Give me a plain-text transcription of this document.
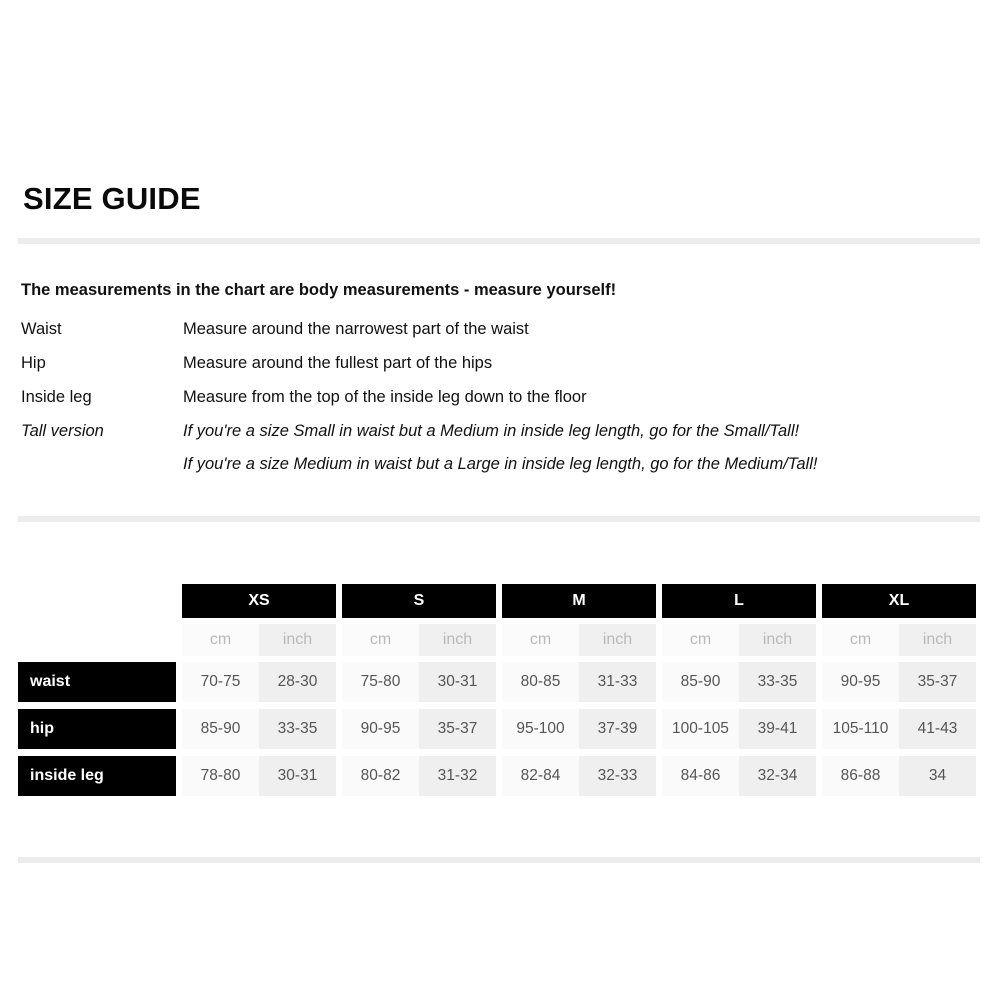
SIZE GUIDE
The measurements in the chart are body measurements - measure yourself!
Waist	Measure around the narrowest part of the waist
Hip	Measure around the fullest part of the hips
Inside leg	Measure from the top of the inside leg down to the floor
Tall version	If you're a size Small in waist but a Medium in inside leg length, go for the Small/Tall!
If you're a size Medium in waist but a Large in inside leg length, go for the Medium/Tall!
XS	S	M	L	XL
cm	inch	cm	inch	cm	inch	cm	inch	cm	inch
waist	70-75	28-30	75-80	30-31	80-85	31-33	85-90	33-35	90-95	35-37
hip	85-90	33-35	90-95	35-37	95-100	37-39	100-105	39-41	105-110	41-43
inside leg	78-80	30-31	80-82	31-32	82-84	32-33	84-86	32-34	86-88	34
